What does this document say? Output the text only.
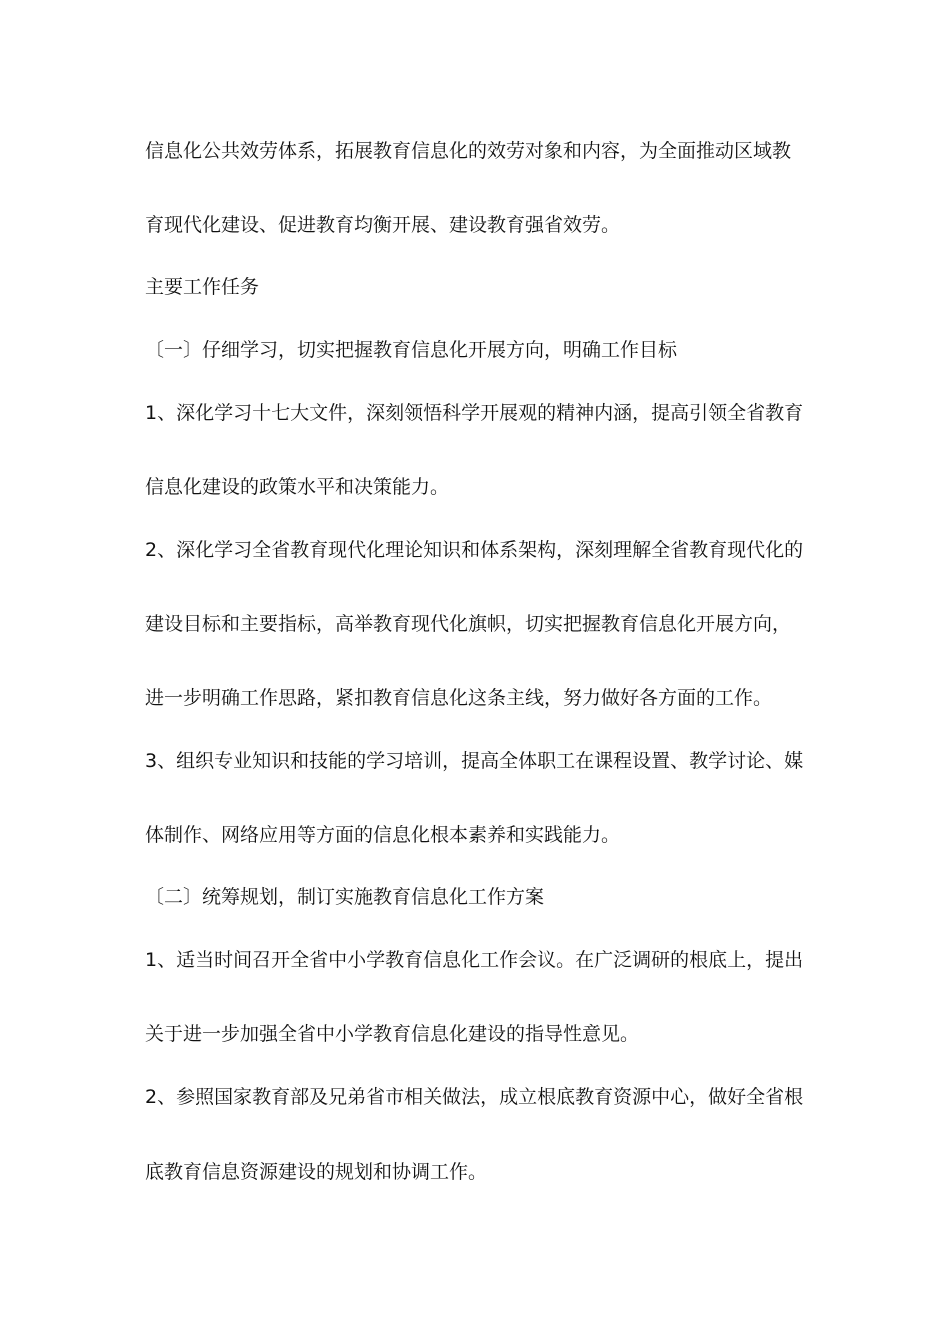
信息化公共效劳体系，拓展教育信息化的效劳对象和内容，为全面推动区域教
育现代化建设、促进教育均衡开展、建设教育强省效劳。
主要工作任务
〔一〕仔细学习，切实把握教育信息化开展方向，明确工作目标
1、深化学习十七大文件，深刻领悟科学开展观的精神内涵，提高引领全省教育
信息化建设的政策水平和决策能力。
2、深化学习全省教育现代化理论知识和体系架构，深刻理解全省教育现代化的
建设目标和主要指标，高举教育现代化旗帜，切实把握教育信息化开展方向，
进一步明确工作思路，紧扣教育信息化这条主线，努力做好各方面的工作。
3、组织专业知识和技能的学习培训，提高全体职工在课程设置、教学讨论、媒
体制作、网络应用等方面的信息化根本素养和实践能力。
〔二〕统筹规划，制订实施教育信息化工作方案
1、适当时间召开全省中小学教育信息化工作会议。在广泛调研的根底上，提出
关于进一步加强全省中小学教育信息化建设的指导性意见。
2、参照国家教育部及兄弟省市相关做法，成立根底教育资源中心，做好全省根
底教育信息资源建设的规划和协调工作。
